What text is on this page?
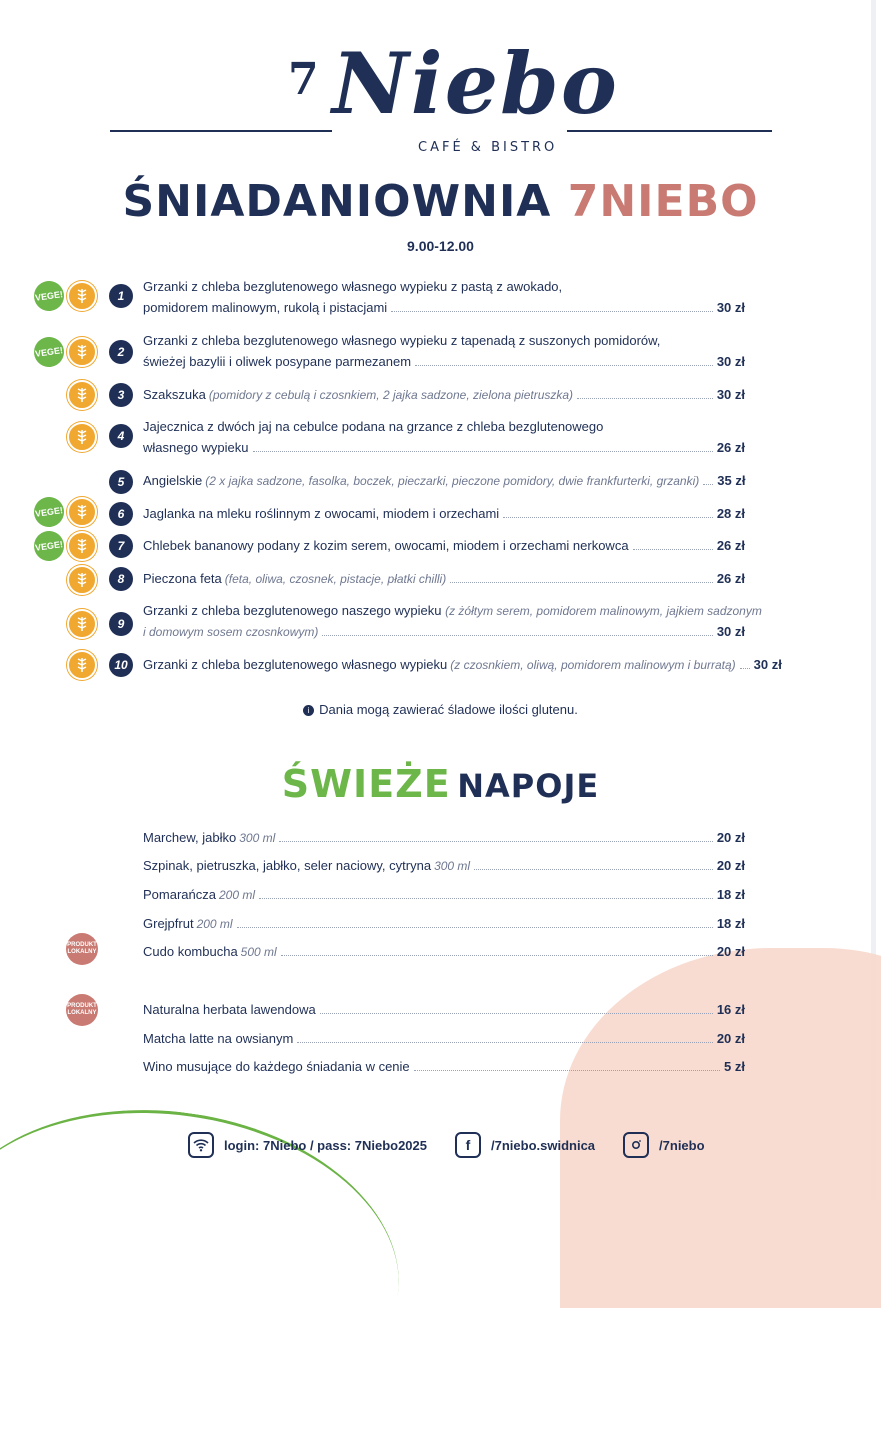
7 Niebo
CAFÉ & BISTRO
ŚNIADANIOWNIA 7NIEBO
9.00-12.00
VEGE!	1
Grzanki z chleba bezglutenowego własnego wypieku z pastą z awokado,
pomidorem malinowym, rukolą i pistacjami	30 zł
VEGE!	2
Grzanki z chleba bezglutenowego własnego wypieku z tapenadą z suszonych pomidorów,
świeżej bazylii i oliwek posypane parmezanem	30 zł
3	Szakszuka (pomidory z cebulą i czosnkiem, 2 jajka sadzone, zielona pietruszka)	30 zł
4
Jajecznica z dwóch jaj na cebulce podana na grzance z chleba bezglutenowego
własnego wypieku	26 zł
5	Angielskie (2 x jajka sadzone, fasolka, boczek, pieczarki, pieczone pomidory, dwie frankfurterki, grzanki) 35 zł
VEGE!	6	Jaglanka na mleku roślinnym z owocami, miodem i orzechami	28 zł
VEGE!	7	Chlebek bananowy podany z kozim serem, owocami, miodem i orzechami nerkowca	26 zł
8	Pieczona feta (feta, oliwa, czosnek, pistacje, płatki chilli)	26 zł
9
Grzanki z chleba bezglutenowego naszego wypieku (z żółtym serem, pomidorem malinowym, jajkiem sadzonym
i domowym sosem czosnkowym)	30 zł
10	Grzanki z chleba bezglutenowego własnego wypieku (z czosnkiem, oliwą, pomidorem malinowym i burratą) 30 zł
i Dania mogą zawierać śladowe ilości glutenu.
ŚWIEŻE NAPOJE
Marchew, jabłko 300 ml	20 zł
Szpinak, pietruszka, jabłko, seler naciowy, cytryna 300 ml	20 zł
Pomarańcza 200 ml	18 zł
Grejpfrut 200 ml	18 zł
PRODUKT LOKALNY	Cudo kombucha 500 ml	20 zł
PRODUKT LOKALNY	Naturalna herbata lawendowa	16 zł
Matcha latte na owsianym	20 zł
Wino musujące do każdego śniadania w cenie	5 zł
login: 7Niebo / pass: 7Niebo2025	f	/7niebo.swidnica	/7niebo
